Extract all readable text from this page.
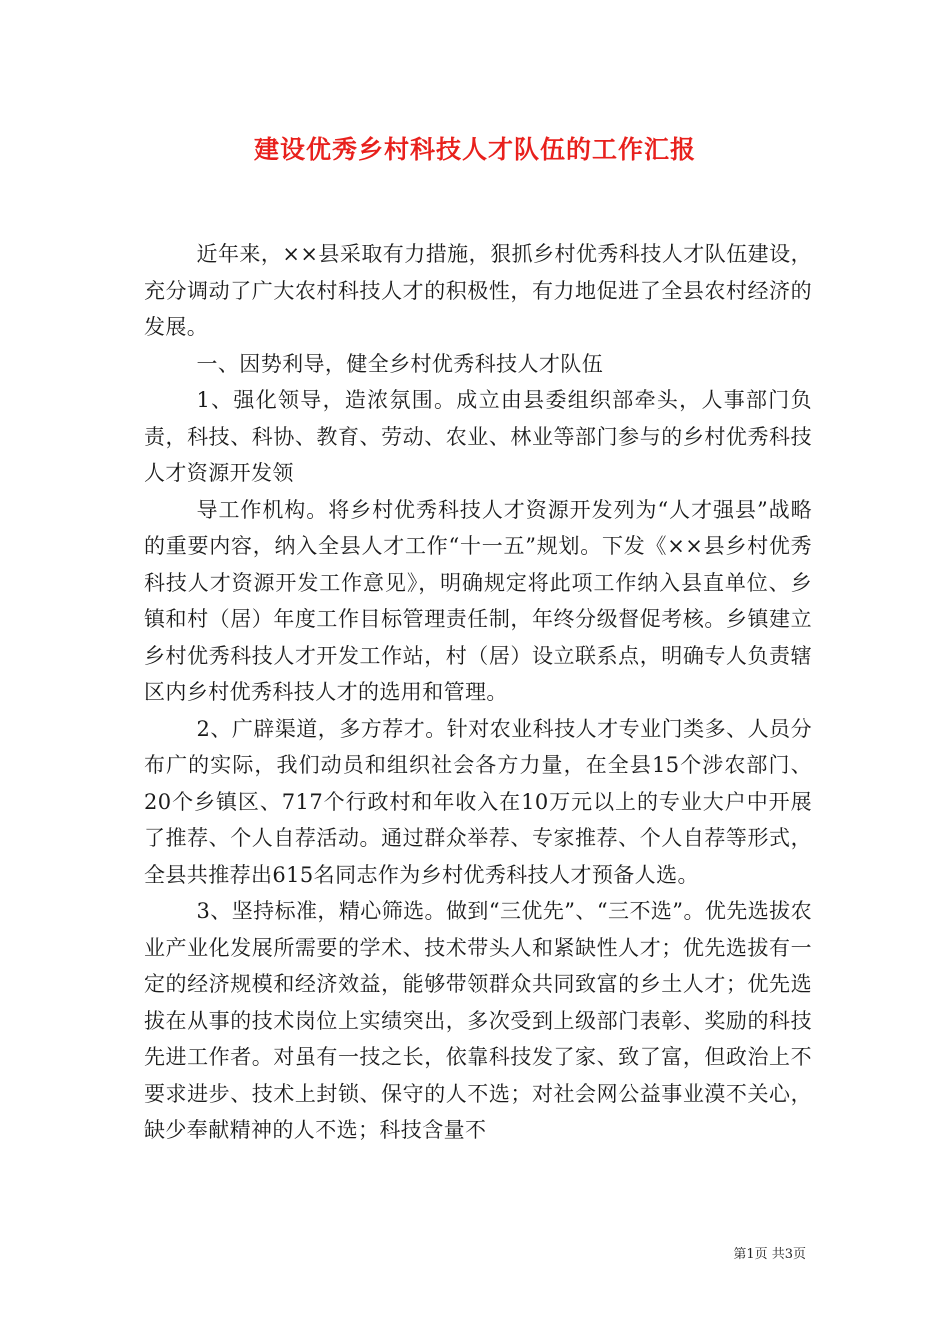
建设优秀乡村科技人才队伍的工作汇报

近年来，××县采取有力措施，狠抓乡村优秀科技人才队伍建设，充分调动了广大农村科技人才的积极性，有力地促进了全县农村经济的发展。

一、因势利导，健全乡村优秀科技人才队伍

1、强化领导，造浓氛围。成立由县委组织部牵头，人事部门负责，科技、科协、教育、劳动、农业、林业等部门参与的乡村优秀科技人才资源开发领

导工作机构。将乡村优秀科技人才资源开发列为“人才强县”战略的重要内容，纳入全县人才工作“十一五”规划。下发《××县乡村优秀科技人才资源开发工作意见》，明确规定将此项工作纳入县直单位、乡镇和村（居）年度工作目标管理责任制，年终分级督促考核。乡镇建立乡村优秀科技人才开发工作站，村（居）设立联系点，明确专人负责辖区内乡村优秀科技人才的选用和管理。

2、广辟渠道，多方荐才。针对农业科技人才专业门类多、人员分布广的实际，我们动员和组织社会各方力量，在全县15个涉农部门、20个乡镇区、717个行政村和年收入在10万元以上的专业大户中开展了推荐、个人自荐活动。通过群众举荐、专家推荐、个人自荐等形式，全县共推荐出615名同志作为乡村优秀科技人才预备人选。

3、坚持标准，精心筛选。做到“三优先”、“三不选”。优先选拔农业产业化发展所需要的学术、技术带头人和紧缺性人才；优先选拔有一定的经济规模和经济效益，能够带领群众共同致富的乡土人才；优先选拔在从事的技术岗位上实绩突出，多次受到上级部门表彰、奖励的科技先进工作者。对虽有一技之长，依靠科技发了家、致了富，但政治上不要求进步、技术上封锁、保守的人不选；对社会网公益事业漠不关心，缺少奉献精神的人不选；科技含量不

第1页 共3页
